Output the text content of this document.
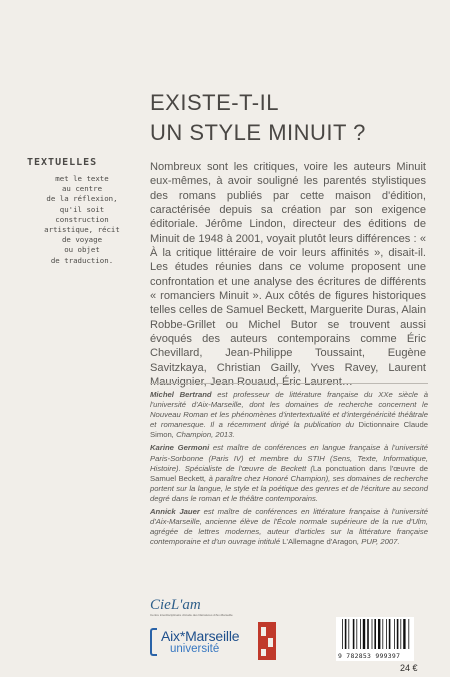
EXISTE-T-IL
UN STYLE MINUIT ?
TEXTUELLES
met le texte
au centre
de la réflexion,
qu'il soit
construction
artistique, récit
de voyage
ou objet
de traduction.

Nombreux sont les critiques, voire les auteurs Minuit eux-mêmes, à avoir souligné les parentés stylistiques des romans publiés par cette maison d'édition, caractérisée depuis sa création par son exigence éditoriale. Jérôme Lindon, directeur des éditions de Minuit de 1948 à 2001, voyait plutôt leurs différences : « À la critique littéraire de voir leurs affinités », disait-il. Les études réunies dans ce volume proposent une confrontation et une analyse des écritures de différents « romanciers Minuit ». Aux côtés de figures historiques telles celles de Samuel Beckett, Marguerite Duras, Alain Robbe-Grillet ou Michel Butor se trouvent aussi évoqués des auteurs contemporains comme Éric Chevillard, Jean-Philippe Toussaint, Eugène Savitzkaya, Christian Gailly, Yves Ravey, Laurent Mauvignier, Jean Rouaud, Éric Laurent…

Michel Bertrand est professeur de littérature française du XXe siècle à l'université d'Aix-Marseille, dont les domaines de recherche concernent le Nouveau Roman et les phénomènes d'intertextualité et d'intergénéricité théâtrale et romanesque. Il a récemment dirigé la publication du Dictionnaire Claude Simon, Champion, 2013.

Karine Germoni est maître de conférences en langue française à l'université Paris-Sorbonne (Paris IV) et membre du STIH (Sens, Texte, Informatique, Histoire). Spécialiste de l'œuvre de Beckett (La ponctuation dans l'œuvre de Samuel Beckett, à paraître chez Honoré Champion), ses domaines de recherche portent sur la langue, le style et la poétique des genres et de l'écriture au second degré dans le roman et le théâtre contemporains.

Annick Jauer est maître de conférences en littérature française à l'université d'Aix-Marseille, ancienne élève de l'École normale supérieure de la rue d'Ulm, agrégée de lettres modernes, auteur d'articles sur la littérature française contemporaine et d'un ouvrage intitulé L'Allemagne d'Aragon, PUP, 2007.

CieL'am
Centre interdisciplinaire d'étude des littératures d'Aix-Marseille
Aix*Marseille
université
9 782853 999397
24 €
